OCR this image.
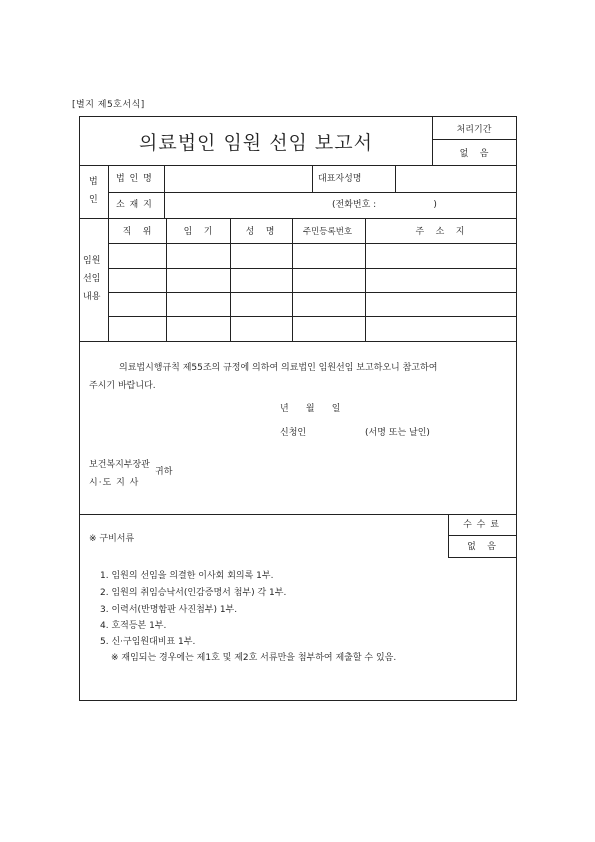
[별지 제5호서식]
의료법인 임원 선임 보고서
처리기간
없    음
법
인
법 인 명	대표자성명
소 재 지	(전화번호 :                    )
임원
선임
내용
직    위	임    기	성    명	주민등록번호	주    소    지
의료법시행규칙 제55조의 규정에 의하여 의료법인 임원선임 보고하오니 참고하여
주시기 바랍니다.
년      월      일
신청인	(서명 또는 날인)
보건복지부장관
시·도 지 사
귀하
※ 구비서류
수 수 료
없    음
1. 임원의 선임을 의결한 이사회 회의록 1부.
2. 임원의 취임승낙서(인감증명서 첨부) 각 1부.
3. 이력서(반명함판 사진첨부) 1부.
4. 호적등본 1부.
5. 신·구임원대비표 1부.
※ 재임되는 경우에는 제1호 및 제2호 서류만을 첨부하여 제출할 수 있음.
